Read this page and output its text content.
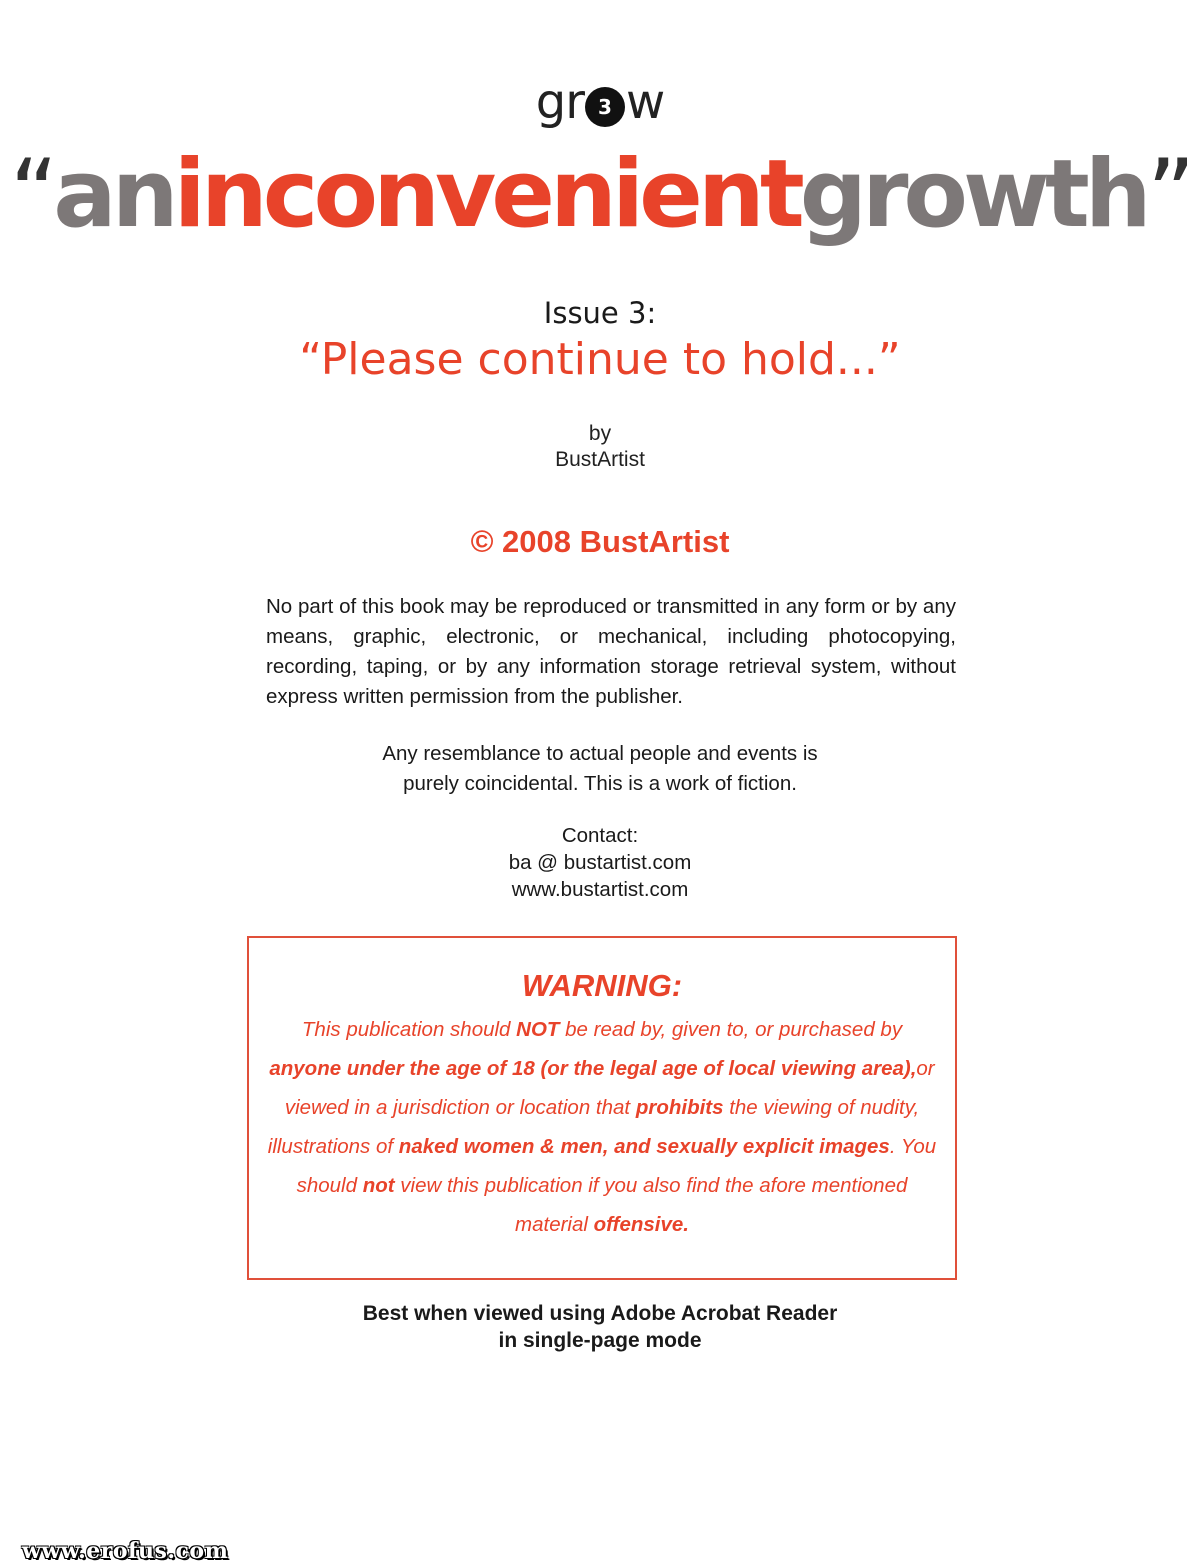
gr 3 w
“aninconvenientgrowth”
Issue 3:
“Please continue to hold...”
by
BustArtist
© 2008 BustArtist
No part of this book may be reproduced or transmitted in any form or by any means, graphic, electronic, or mechanical, including photocopying, recording, taping, or by any information storage retrieval system, without express written permission from the publisher.
Any resemblance to actual people and events is
purely coincidental. This is a work of fiction.
Contact:
ba @ bustartist.com
www.bustartist.com
WARNING:
This publication should NOT be read by, given to, or purchased by anyone under the age of 18 (or the legal age of local viewing area),or viewed in a jurisdiction or location that prohibits the viewing of nudity, illustrations of naked women & men, and sexually explicit images. You should not view this publication if you also find the afore mentioned material offensive.
Best when viewed using Adobe Acrobat Reader
in single-page mode
www.erofus.com
